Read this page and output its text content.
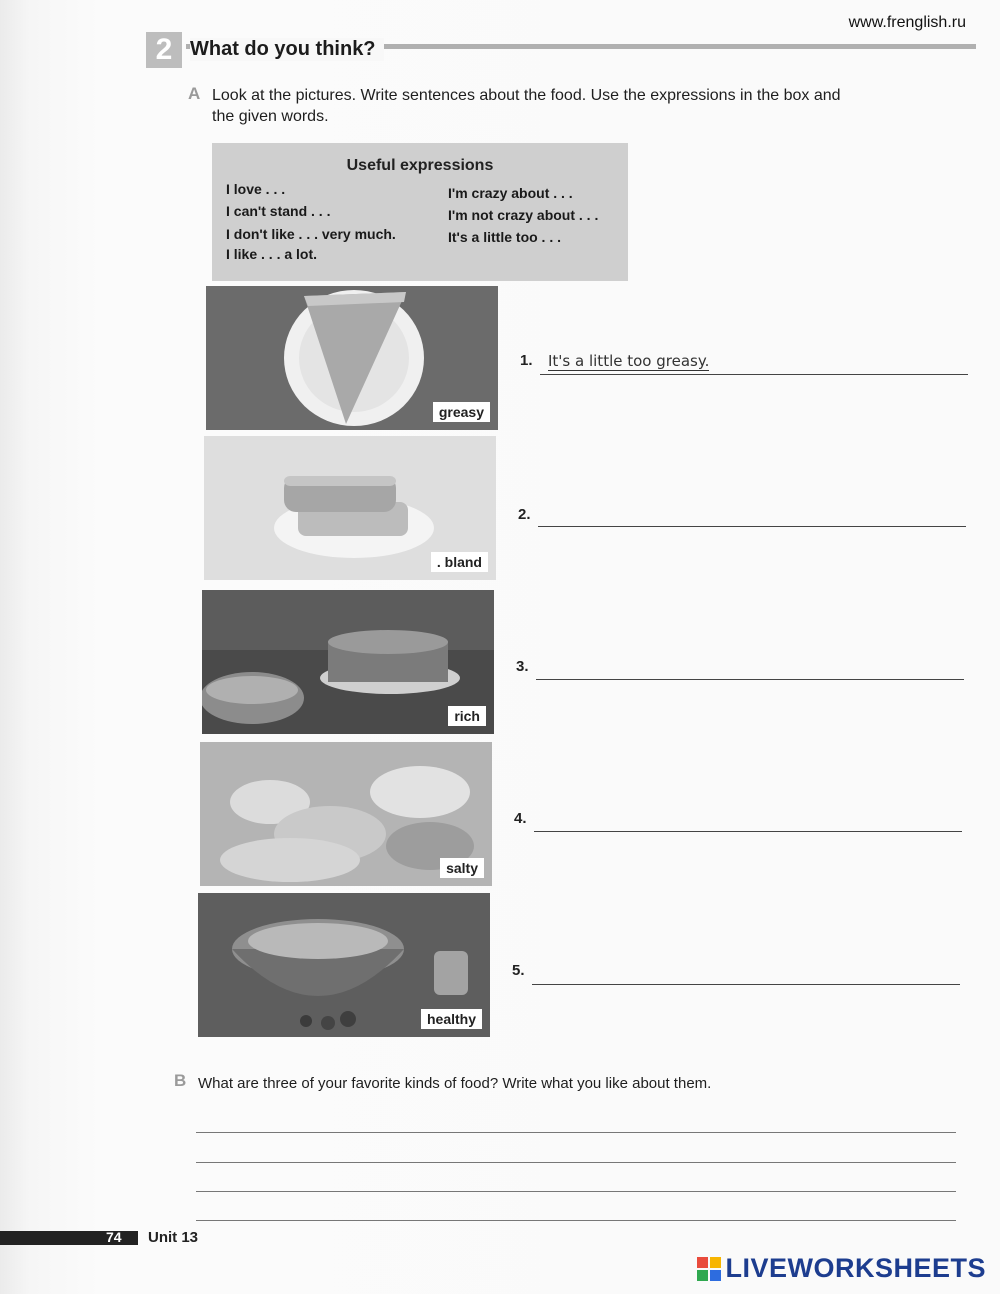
www.frenglish.ru
2 What do you think?
A Look at the pictures. Write sentences about the food. Use the expressions in the box and
the given words.
Useful expressions
I love . . .
I can't stand . . .
I don't like . . . very much.
I like . . . a lot.
I'm crazy about . . .
I'm not crazy about . . .
It's a little too . . .
greasy
. bland
rich
salty
healthy
1. It's a little too greasy.
2.
3.
4.
5.
B What are three of your favorite kinds of food? Write what you like about them.
74 Unit 13
LIVEWORKSHEETS
